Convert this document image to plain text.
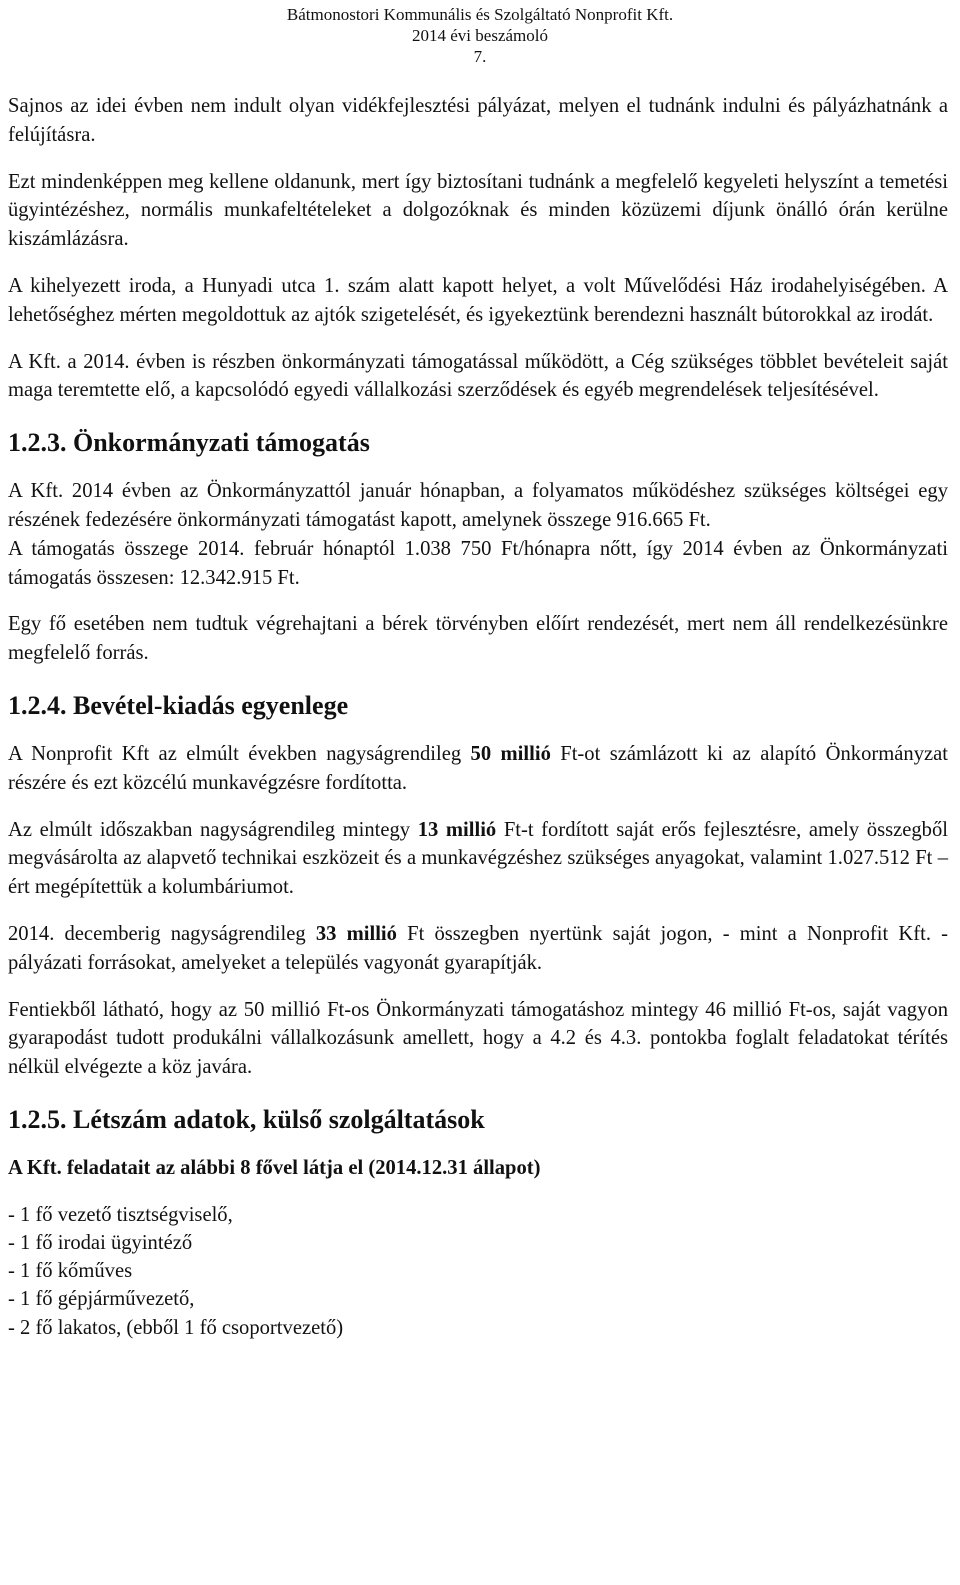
Bátmonostori Kommunális és Szolgáltató Nonprofit Kft.
2014 évi beszámoló
7.

Sajnos az idei évben nem indult olyan vidékfejlesztési pályázat, melyen el tudnánk indulni és pályázhatnánk a felújításra.

Ezt mindenképpen meg kellene oldanunk, mert így biztosítani tudnánk a megfelelő kegyeleti helyszínt a temetési ügyintézéshez, normális munkafeltételeket a dolgozóknak és minden közüzemi díjunk önálló órán kerülne kiszámlázásra.

A kihelyezett iroda, a Hunyadi utca 1. szám alatt kapott helyet, a volt Művelődési Ház irodahelyiségében. A lehetőséghez mérten megoldottuk az ajtók szigetelését, és igyekeztünk berendezni használt bútorokkal az irodát.

A Kft. a 2014. évben is részben önkormányzati támogatással működött, a Cég szükséges többlet bevételeit saját maga teremtette elő, a kapcsolódó egyedi vállalkozási szerződések és egyéb megrendelések teljesítésével.

1.2.3. Önkormányzati támogatás

A Kft. 2014 évben az Önkormányzattól január hónapban, a folyamatos működéshez szükséges költségei egy részének fedezésére önkormányzati támogatást kapott, amelynek összege 916.665 Ft.

A támogatás összege 2014. február hónaptól 1.038 750 Ft/hónapra nőtt, így 2014 évben az Önkormányzati támogatás összesen: 12.342.915 Ft.

Egy fő esetében nem tudtuk végrehajtani a bérek törvényben előírt rendezését, mert nem áll rendelkezésünkre megfelelő forrás.

1.2.4. Bevétel-kiadás egyenlege

A Nonprofit Kft az elmúlt években nagyságrendileg 50 millió Ft-ot számlázott ki az alapító Önkormányzat részére és ezt közcélú munkavégzésre fordította.

Az elmúlt időszakban nagyságrendileg mintegy 13 millió Ft-t fordított saját erős fejlesztésre, amely összegből megvásárolta az alapvető technikai eszközeit és a munkavégzéshez szükséges anyagokat, valamint 1.027.512 Ft –ért megépítettük a kolumbáriumot.

2014. decemberig nagyságrendileg 33 millió Ft összegben nyertünk saját jogon, - mint a Nonprofit Kft. - pályázati forrásokat, amelyeket a település vagyonát gyarapítják.

Fentiekből látható, hogy az 50 millió Ft-os Önkormányzati támogatáshoz mintegy 46 millió Ft-os, saját vagyon gyarapodást tudott produkálni vállalkozásunk amellett, hogy a 4.2 és 4.3. pontokba foglalt feladatokat térítés nélkül elvégezte a köz javára.

1.2.5. Létszám adatok, külső szolgáltatások
A Kft. feladatait az alábbi 8 fővel látja el (2014.12.31 állapot)
- 1 fő vezető tisztségviselő,
- 1 fő irodai ügyintéző
- 1 fő kőműves
- 1 fő gépjárművezető,
- 2 fő lakatos, (ebből 1 fő csoportvezető)
